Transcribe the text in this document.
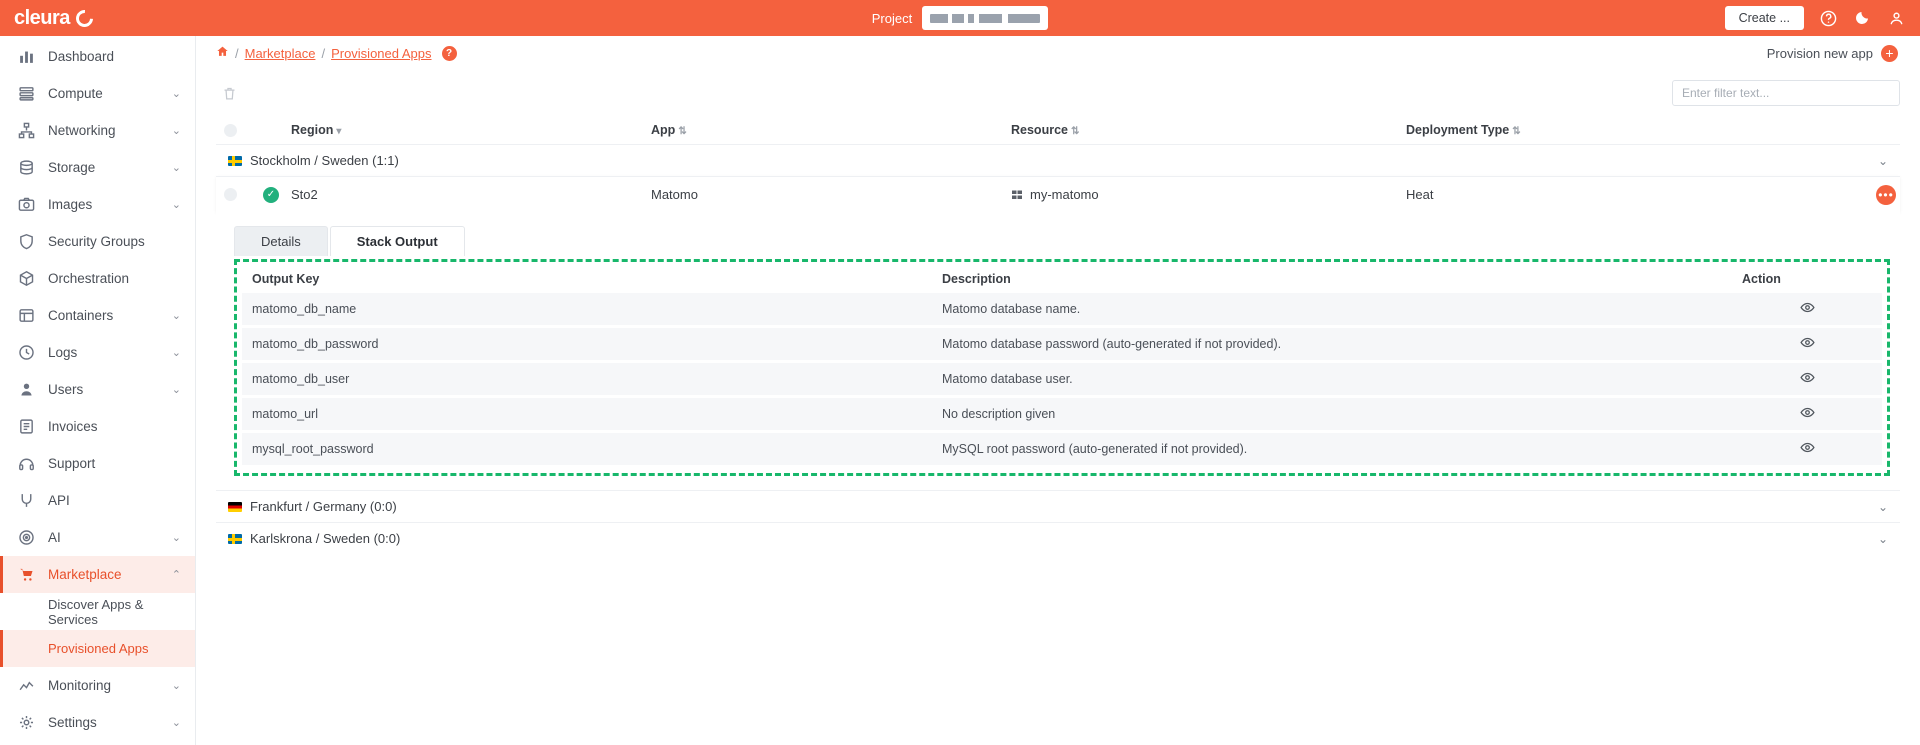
cleura	Project	Create ...
Dashboard
Compute	⌄
Networking	⌄
Storage	⌄
Images	⌄
Security Groups
Orchestration
Containers	⌄
Logs	⌄
Users	⌄
Invoices
Support
API
AI	⌄
Marketplace	⌃
Discover Apps & Services
Provisioned Apps
Monitoring	⌄
Settings	⌄
/ Marketplace / Provisioned Apps	?	Provision new app +
Enter filter text...
Region ▾	App ⇅	Resource ⇅	Deployment Type ⇅
Stockholm / Sweden (1:1)	⌄
✓ Sto2	Matomo	my-matomo	Heat	•••
Details	Stack Output
Output Key	Description	Action
matomo_db_name	Matomo database name.	

matomo_db_password	Matomo database password (auto-generated if not provided).	

matomo_db_user	Matomo database user.	

matomo_url	No description given	

mysql_root_password	MySQL root password (auto-generated if not provided).	
Frankfurt / Germany (0:0)	⌄
Karlskrona / Sweden (0:0)	⌄
